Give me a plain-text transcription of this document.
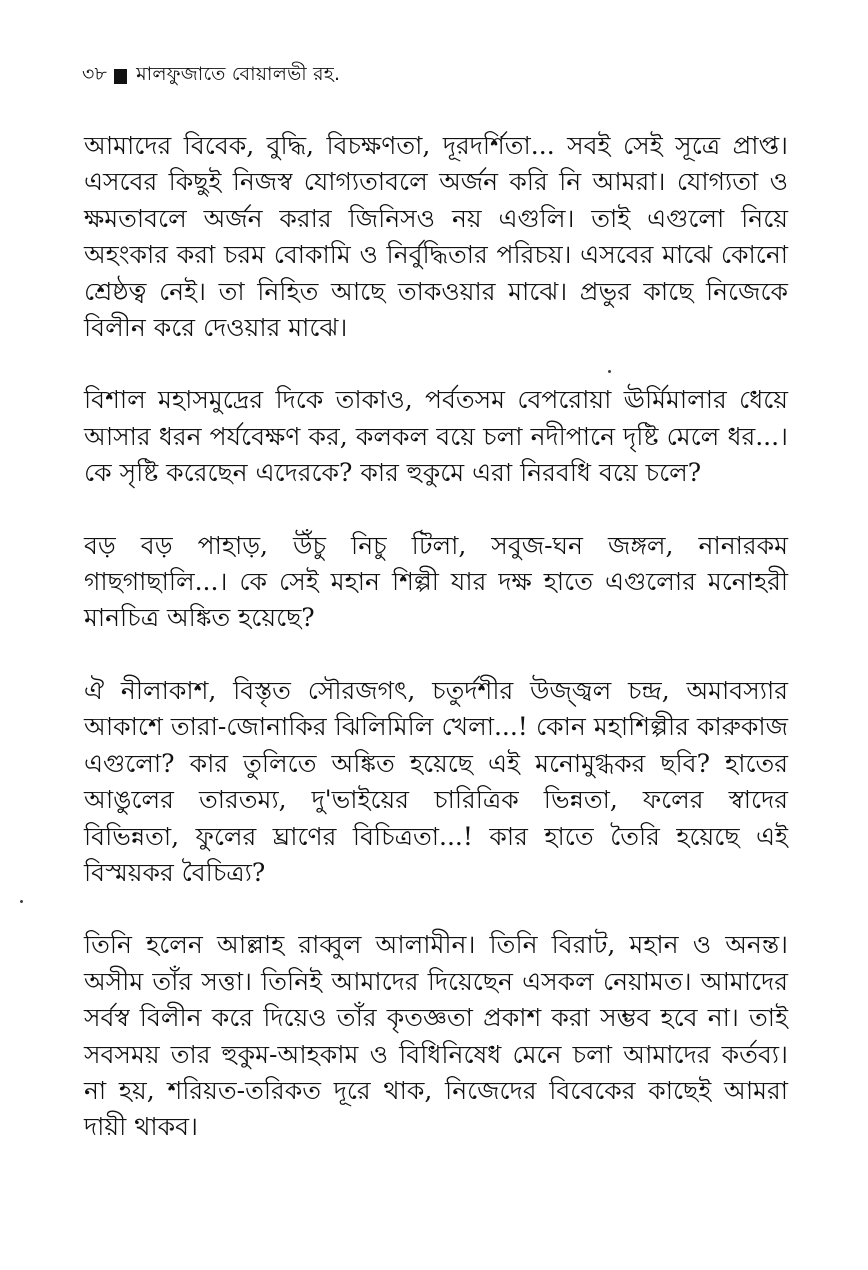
৩৮ মালফুজাতে বোয়ালভী রহ.

আমাদের বিবেক, বুদ্ধি, বিচক্ষণতা, দূরদর্শিতা... সবই সেই সূত্রে প্রাপ্ত। এসবের কিছুই নিজস্ব যোগ্যতাবলে অর্জন করি নি আমরা। যোগ্যতা ও ক্ষমতাবলে অর্জন করার জিনিসও নয় এগুলি। তাই এগুলো নিয়ে অহংকার করা চরম বোকামি ও নির্বুদ্ধিতার পরিচয়। এসবের মাঝে কোনো শ্রেষ্ঠত্ব নেই। তা নিহিত আছে তাকওয়ার মাঝে। প্রভুর কাছে নিজেকে বিলীন করে দেওয়ার মাঝে।

বিশাল মহাসমুদ্রের দিকে তাকাও, পর্বতসম বেপরোয়া ঊর্মিমালার ধেয়ে আসার ধরন পর্যবেক্ষণ কর, কলকল বয়ে চলা নদীপানে দৃষ্টি মেলে ধর...। কে সৃষ্টি করেছেন এদেরকে? কার হুকুমে এরা নিরবধি বয়ে চলে?

বড় বড় পাহাড়, উঁচু নিচু টিলা, সবুজ-ঘন জঙ্গল, নানারকম গাছগাছালি...। কে সেই মহান শিল্পী যার দক্ষ হাতে এগুলোর মনোহরী মানচিত্র অঙ্কিত হয়েছে?

ঐ নীলাকাশ, বিস্তৃত সৌরজগৎ, চতুর্দশীর উজ্জ্বল চন্দ্র, অমাবস্যার আকাশে তারা-জোনাকির ঝিলিমিলি খেলা...! কোন মহাশিল্পীর কারুকাজ এগুলো? কার তুলিতে অঙ্কিত হয়েছে এই মনোমুগ্ধকর ছবি? হাতের আঙুলের তারতম্য, দু'ভাইয়ের চারিত্রিক ভিন্নতা, ফলের স্বাদের বিভিন্নতা, ফুলের ঘ্রাণের বিচিত্রতা...! কার হাতে তৈরি হয়েছে এই বিস্ময়কর বৈচিত্র্য?

তিনি হলেন আল্লাহ রাব্বুল আলামীন। তিনি বিরাট, মহান ও অনন্ত। অসীম তাঁর সত্তা। তিনিই আমাদের দিয়েছেন এসকল নেয়ামত। আমাদের সর্বস্ব বিলীন করে দিয়েও তাঁর কৃতজ্ঞতা প্রকাশ করা সম্ভব হবে না। তাই সবসময় তার হুকুম-আহকাম ও বিধিনিষেধ মেনে চলা আমাদের কর্তব্য। না হয়, শরিয়ত-তরিকত দূরে থাক, নিজেদের বিবেকের কাছেই আমরা দায়ী থাকব।
